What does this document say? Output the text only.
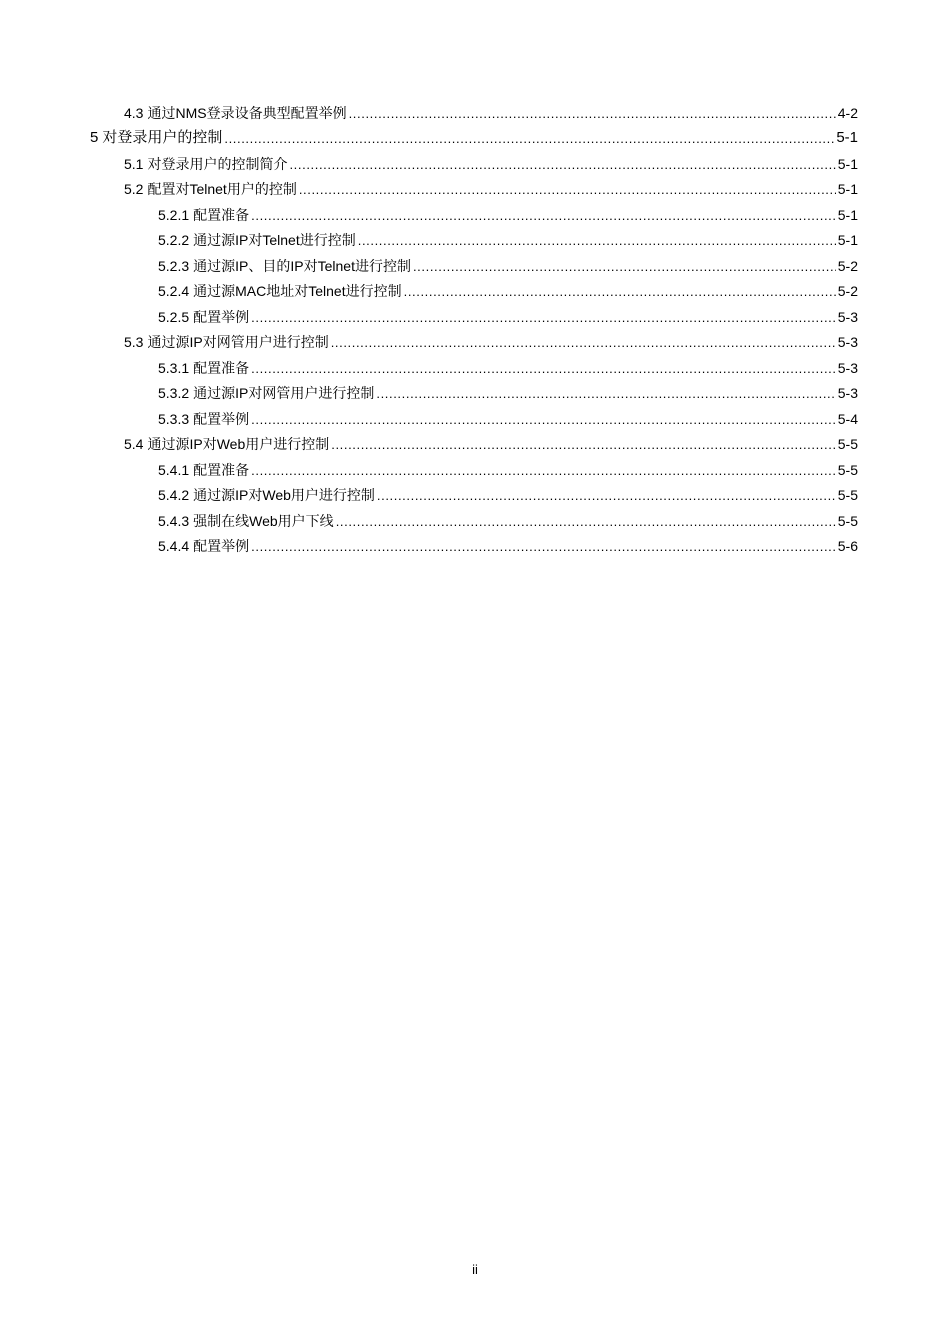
4.3 通过NMS登录设备典型配置举例 .....	4-2
5 对登录用户的控制 .....	5-1
5.1 对登录用户的控制简介 .....	5-1
5.2 配置对Telnet用户的控制 .....	5-1
5.2.1 配置准备 .....	5-1
5.2.2 通过源IP对Telnet进行控制 .....	5-1
5.2.3 通过源IP、目的IP对Telnet进行控制 .....	5-2
5.2.4 通过源MAC地址对Telnet进行控制 .....	5-2
5.2.5 配置举例 .....	5-3
5.3 通过源IP对网管用户进行控制 .....	5-3
5.3.1 配置准备 .....	5-3
5.3.2 通过源IP对网管用户进行控制 .....	5-3
5.3.3 配置举例 .....	5-4
5.4 通过源IP对Web用户进行控制 .....	5-5
5.4.1 配置准备 .....	5-5
5.4.2 通过源IP对Web用户进行控制 .....	5-5
5.4.3 强制在线Web用户下线 .....	5-5
5.4.4 配置举例 .....	5-6
ii
